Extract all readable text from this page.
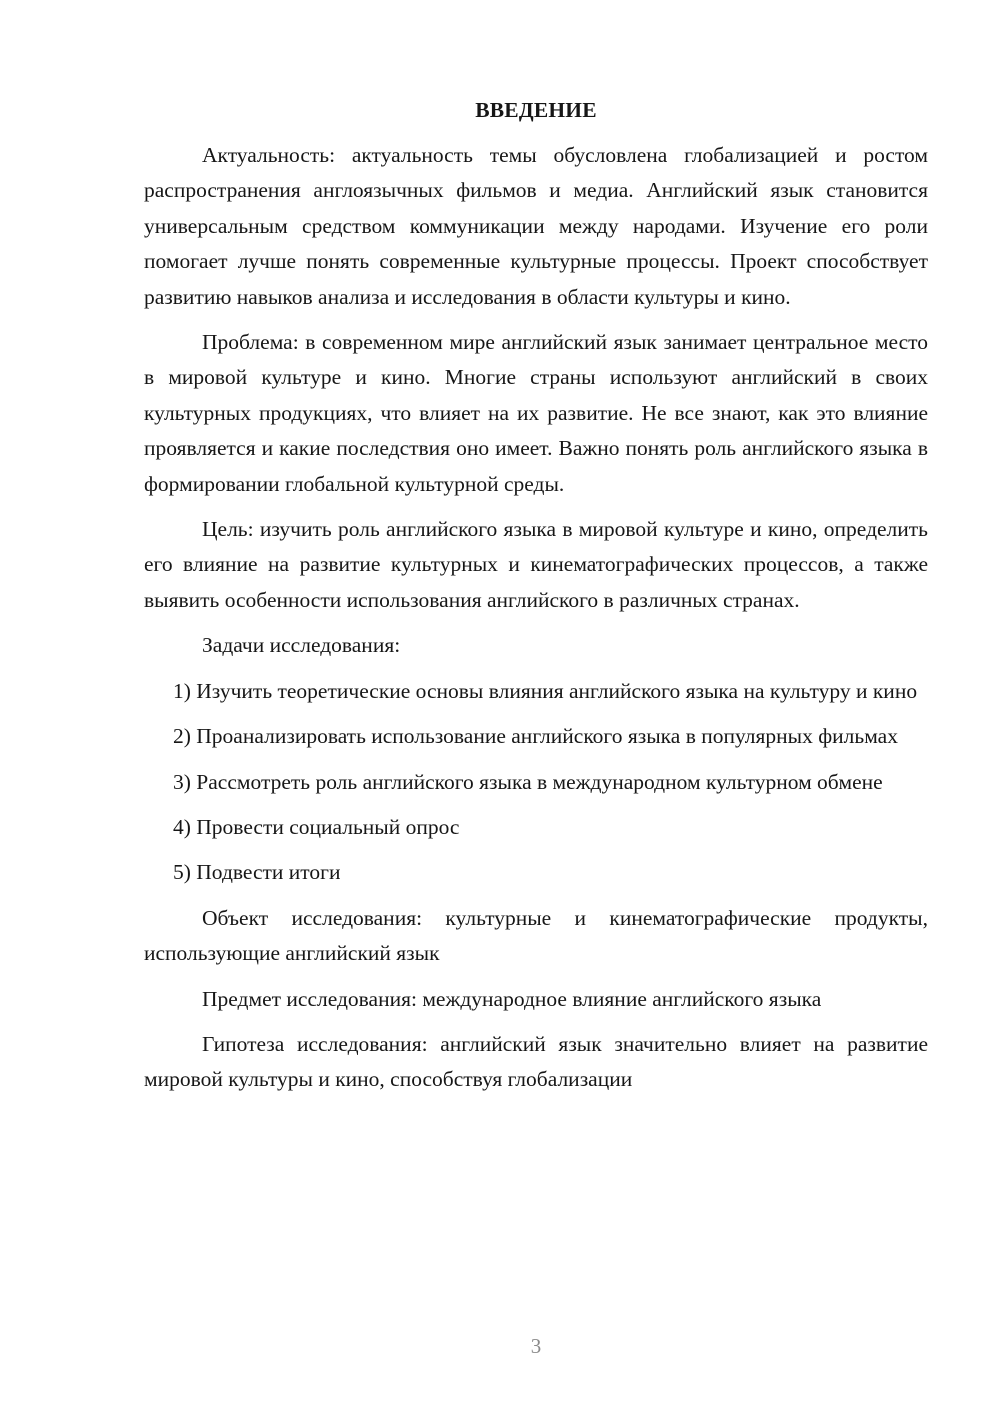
ВВЕДЕНИЕ

Актуальность: актуальность темы обусловлена глобализацией и ростом распространения англоязычных фильмов и медиа. Английский язык становится универсальным средством коммуникации между народами. Изучение его роли помогает лучше понять современные культурные процессы. Проект способствует развитию навыков анализа и исследования в области культуры и кино.

Проблема: в современном мире английский язык занимает центральное место в мировой культуре и кино. Многие страны используют английский в своих культурных продукциях, что влияет на их развитие. Не все знают, как это влияние проявляется и какие последствия оно имеет. Важно понять роль английского языка в формировании глобальной культурной среды.

Цель: изучить роль английского языка в мировой культуре и кино, определить его влияние на развитие культурных и кинематографических процессов, а также выявить особенности использования английского в различных странах.

Задачи исследования:

1) Изучить теоретические основы влияния английского языка на культуру и кино

2) Проанализировать использование английского языка в популярных фильмах

3) Рассмотреть роль английского языка в международном культурном обмене

4) Провести социальный опрос

5) Подвести итоги

Объект исследования: культурные и кинематографические продукты, использующие английский язык

Предмет исследования: международное влияние английского языка

Гипотеза исследования: английский язык значительно влияет на развитие мировой культуры и кино, способствуя глобализации

3
